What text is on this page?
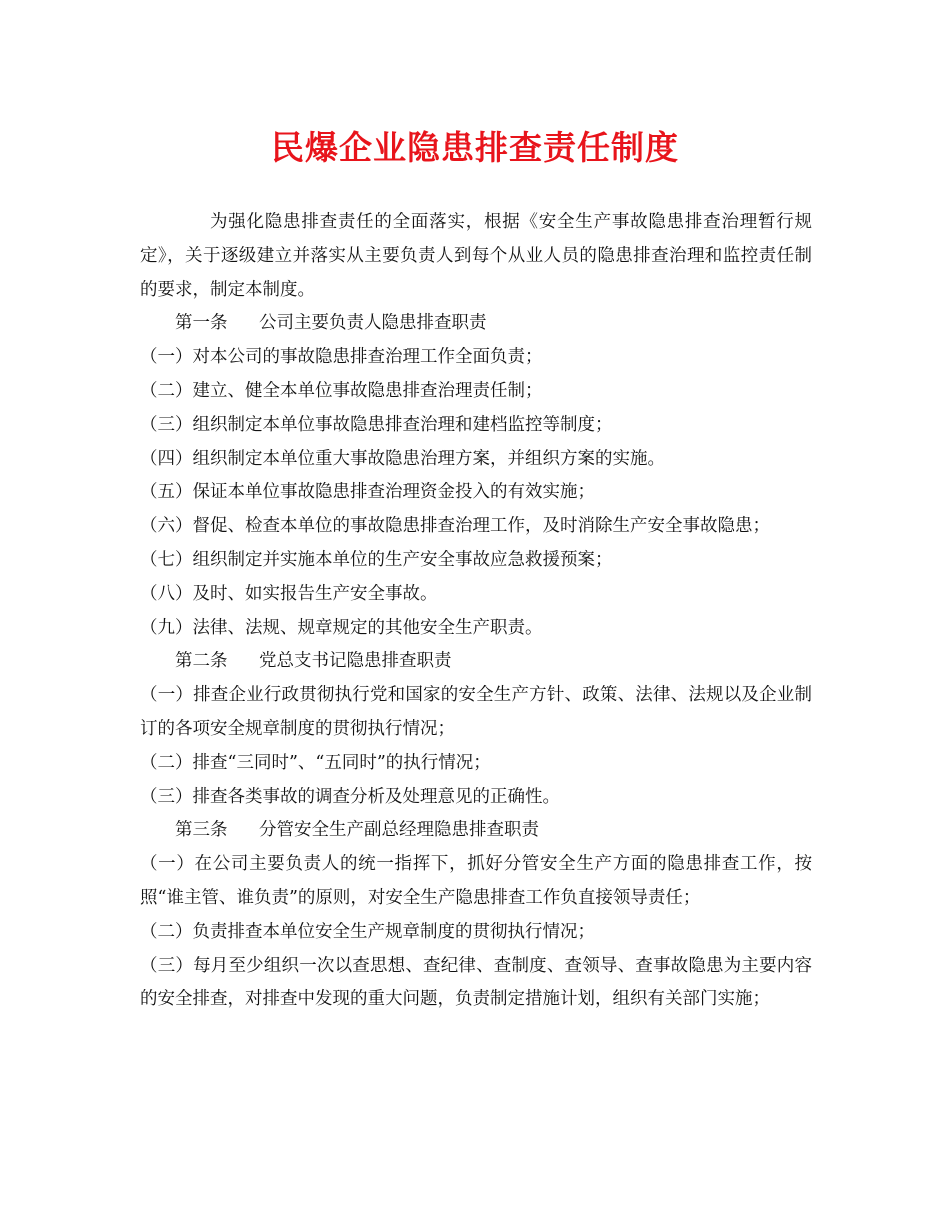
民爆企业隐患排查责任制度

为强化隐患排查责任的全面落实，根据《安全生产事故隐患排查治理暂行规定》，关于逐级建立并落实从主要负责人到每个从业人员的隐患排查治理和监控责任制的要求，制定本制度。

第一条 公司主要负责人隐患排查职责

（一）对本公司的事故隐患排查治理工作全面负责；

（二）建立、健全本单位事故隐患排查治理责任制；

（三）组织制定本单位事故隐患排查治理和建档监控等制度；

（四）组织制定本单位重大事故隐患治理方案，并组织方案的实施。

（五）保证本单位事故隐患排查治理资金投入的有效实施；

（六）督促、检查本单位的事故隐患排查治理工作，及时消除生产安全事故隐患；

（七）组织制定并实施本单位的生产安全事故应急救援预案；

（八）及时、如实报告生产安全事故。

（九）法律、法规、规章规定的其他安全生产职责。

第二条 党总支书记隐患排查职责

（一）排查企业行政贯彻执行党和国家的安全生产方针、政策、法律、法规以及企业制订的各项安全规章制度的贯彻执行情况；

（二）排查“三同时”、“五同时”的执行情况；

（三）排查各类事故的调查分析及处理意见的正确性。

第三条 分管安全生产副总经理隐患排查职责

（一）在公司主要负责人的统一指挥下，抓好分管安全生产方面的隐患排查工作，按照“谁主管、谁负责”的原则，对安全生产隐患排查工作负直接领导责任；

（二）负责排查本单位安全生产规章制度的贯彻执行情况；

（三）每月至少组织一次以查思想、查纪律、查制度、查领导、查事故隐患为主要内容的安全排查，对排查中发现的重大问题，负责制定措施计划，组织有关部门实施；
